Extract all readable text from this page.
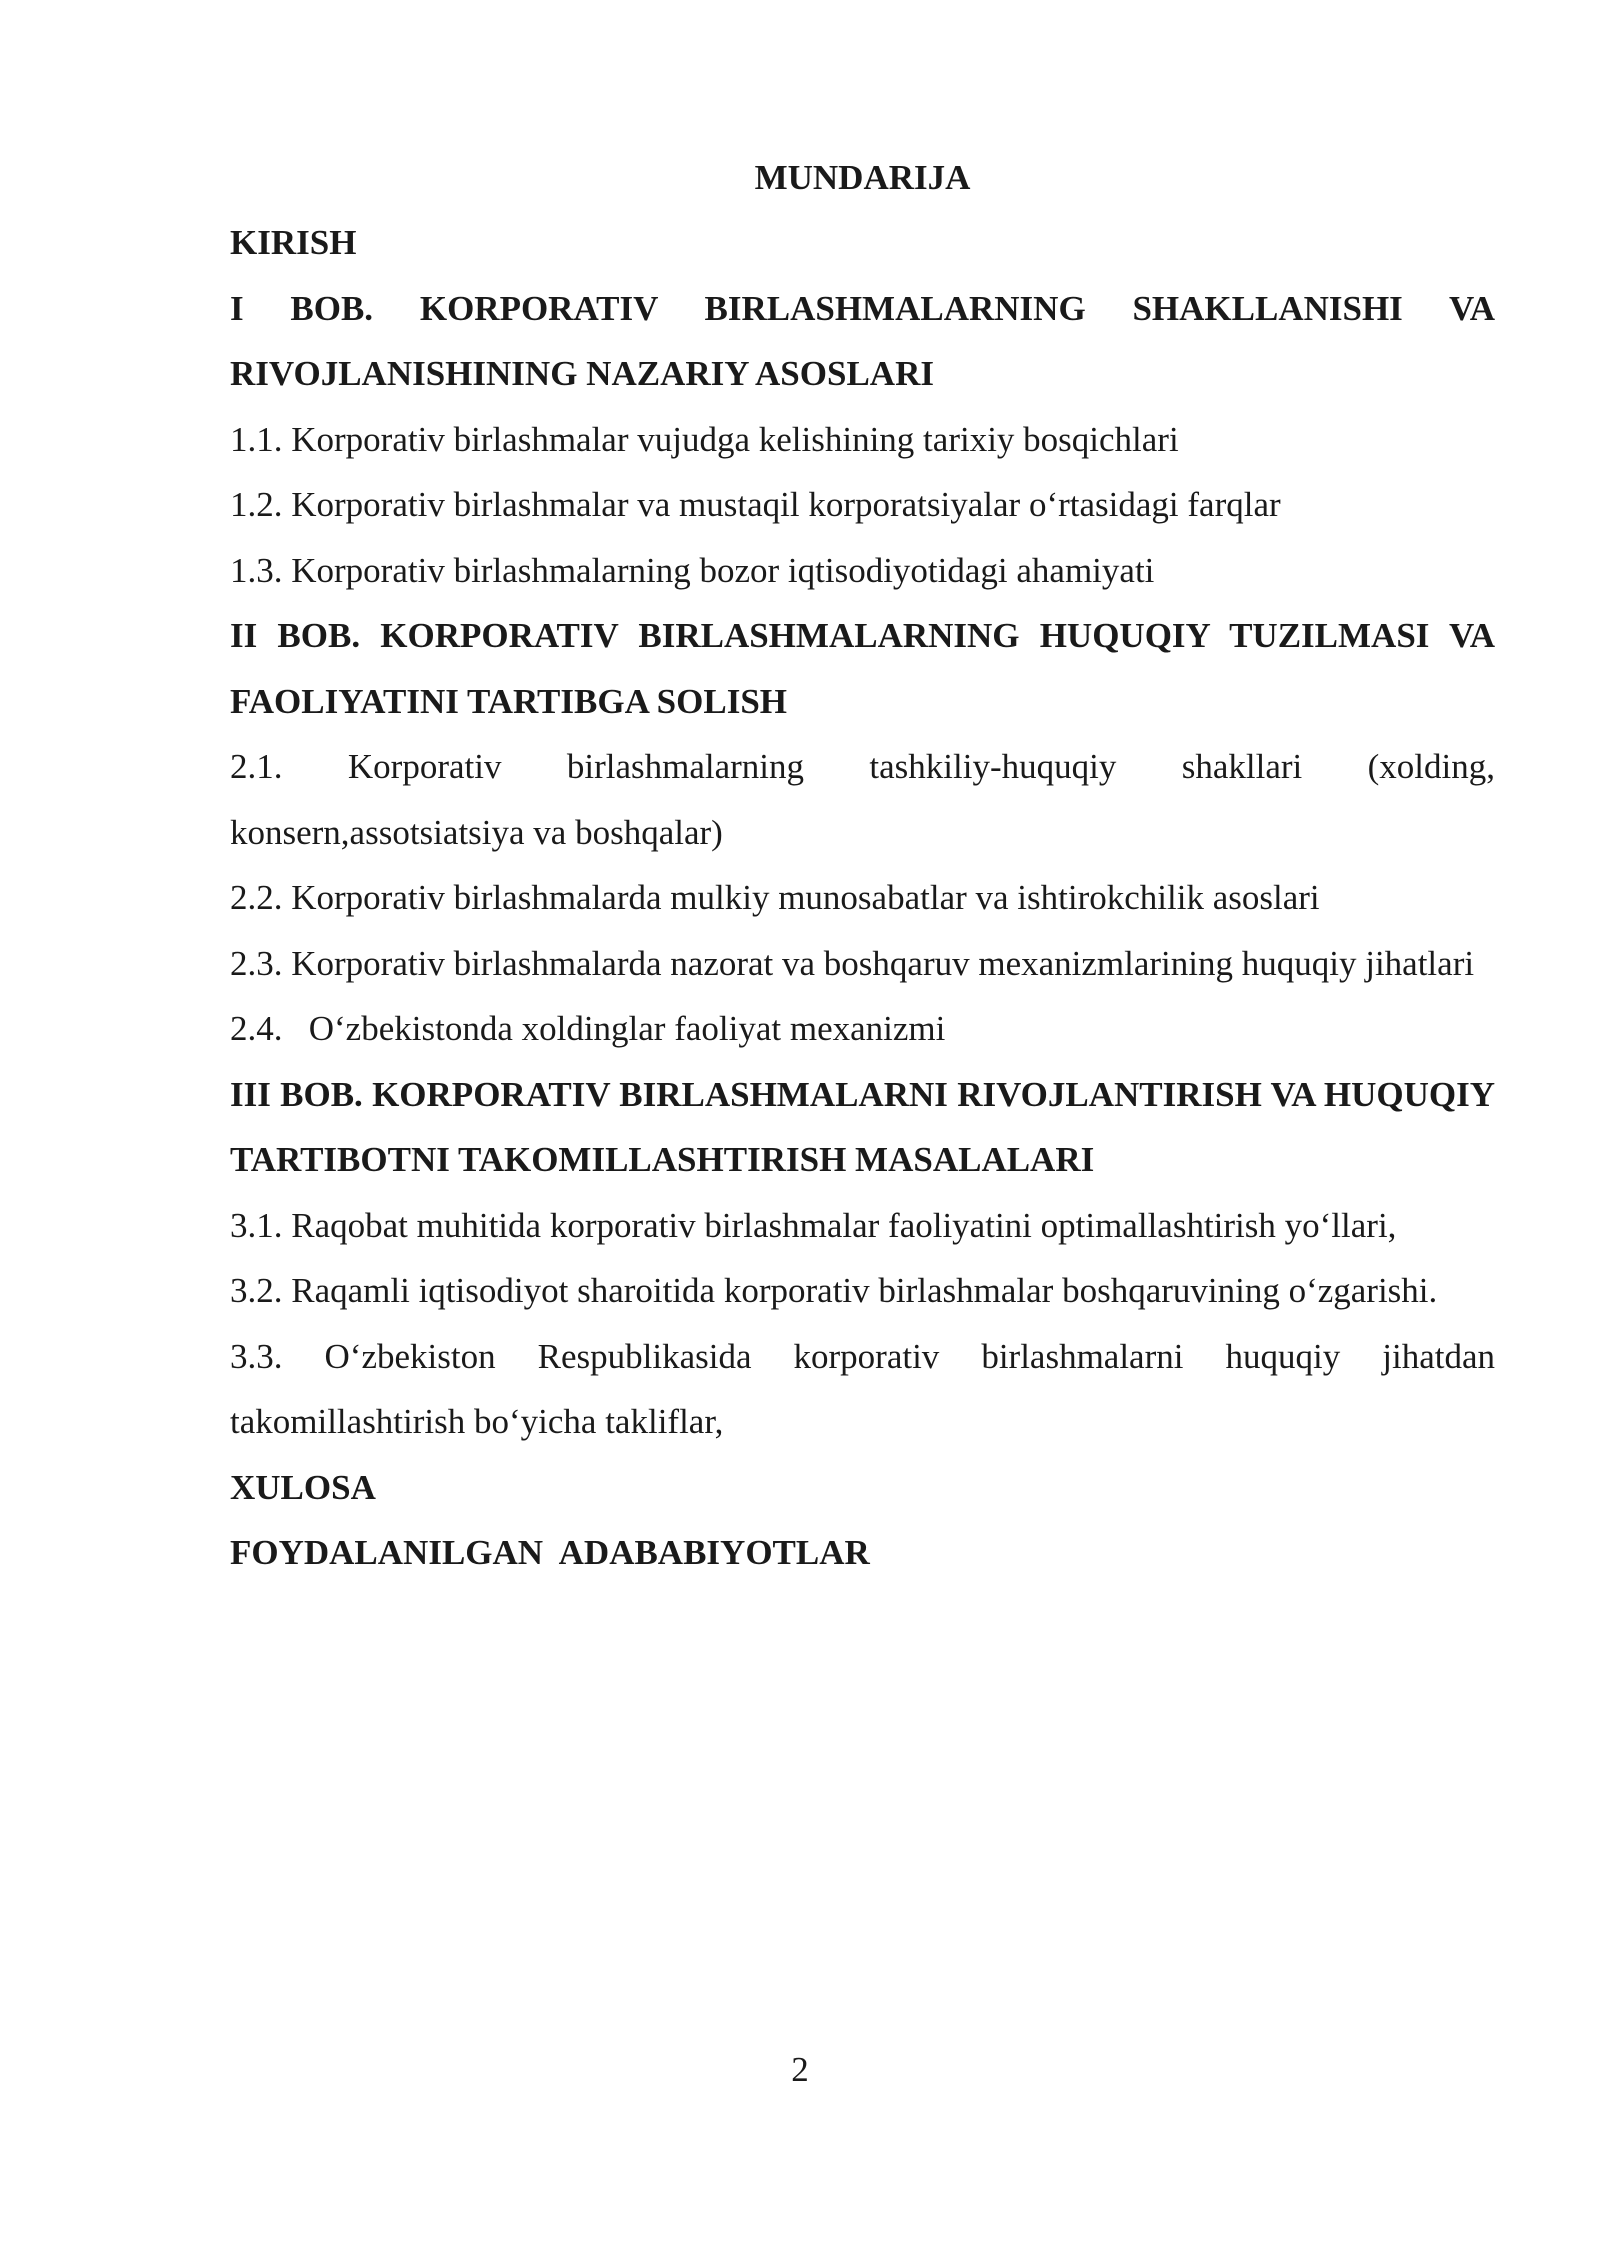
MUNDARIJA

KIRISH

I BOB. KORPORATIV BIRLASHMALARNING SHAKLLANISHI VA RIVOJLANISHINING NAZARIY ASOSLARI

1.1. Korporativ birlashmalar vujudga kelishining tarixiy bosqichlari

1.2. Korporativ birlashmalar va mustaqil korporatsiyalar oʻrtasidagi farqlar

1.3. Korporativ birlashmalarning bozor iqtisodiyotidagi ahamiyati

II BOB. KORPORATIV BIRLASHMALARNING HUQUQIY TUZILMASI VA FAOLIYATINI TARTIBGA SOLISH

2.1. Korporativ birlashmalarning tashkiliy-huquqiy shakllari (xolding, konsern,assotsiatsiya va boshqalar)

2.2. Korporativ birlashmalarda mulkiy munosabatlar va ishtirokchilik asoslari

2.3. Korporativ birlashmalarda nazorat va boshqaruv mexanizmlarining huquqiy jihatlari

2.4.   Oʻzbekistonda xoldinglar faoliyat mexanizmi

III BOB. KORPORATIV BIRLASHMALARNI RIVOJLANTIRISH VA HUQUQIY TARTIBOTNI TAKOMILLASHTIRISH MASALALARI

3.1. Raqobat muhitida korporativ birlashmalar faoliyatini optimallashtirish yoʻllari,

3.2. Raqamli iqtisodiyot sharoitida korporativ birlashmalar boshqaruvining oʻzgarishi.

3.3. Oʻzbekiston Respublikasida korporativ birlashmalarni huquqiy jihatdan takomillashtirish boʻyicha takliflar,

XULOSA

FOYDALANILGAN  ADABABIYOTLAR

2
